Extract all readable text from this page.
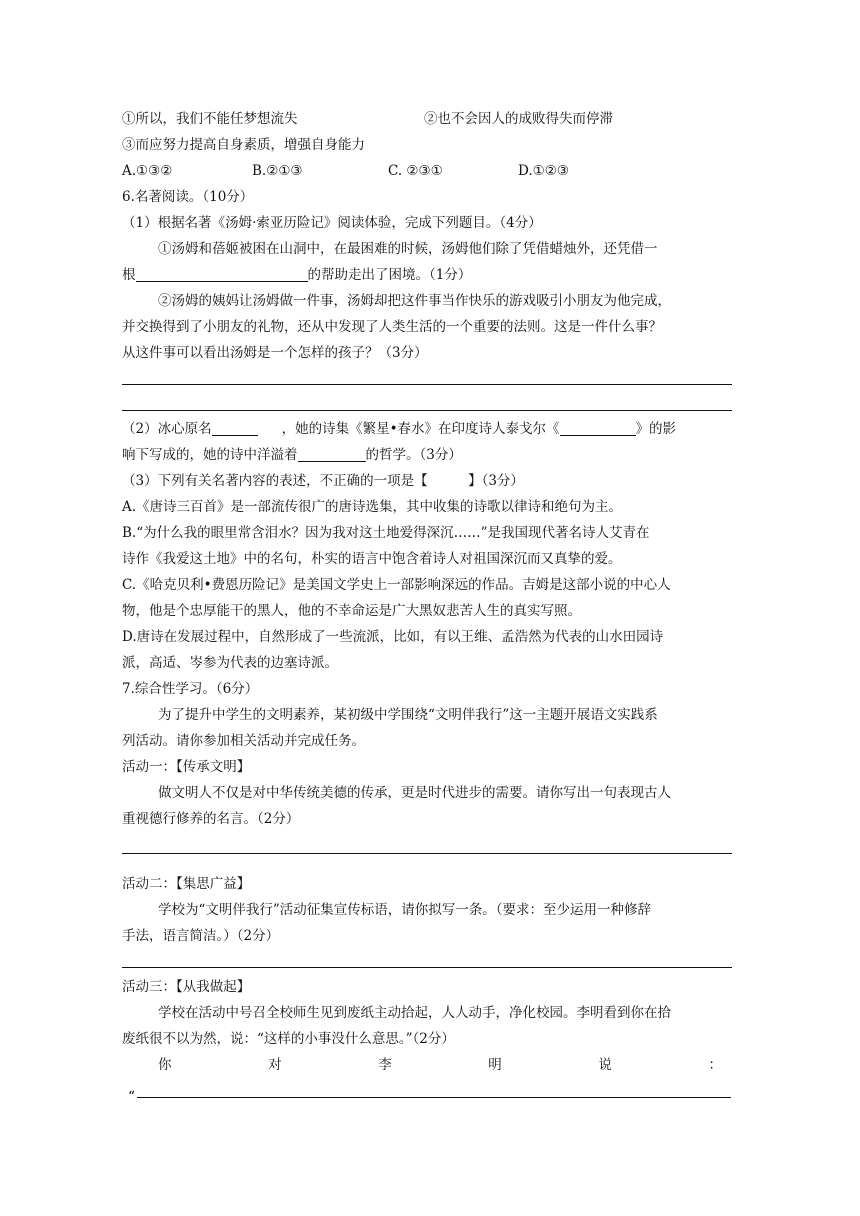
①所以，我们不能任梦想流失	②也不会因人的成败得失而停滞
③而应努力提高自身素质，增强自身能力
A.①③②	B.②①③	C. ②③①	D.①②③
6.名著阅读。（10分）
（1）根据名著《汤姆·索亚历险记》阅读体验，完成下列题目。（4分）
①汤姆和蓓姬被困在山洞中，在最困难的时候，汤姆他们除了凭借蜡烛外，还凭借一
根	的帮助走出了困境。（1分）
②汤姆的姨妈让汤姆做一件事，汤姆却把这件事当作快乐的游戏吸引小朋友为他完成，
并交换得到了小朋友的礼物，还从中发现了人类生活的一个重要的法则。这是一件什么事？
从这件事可以看出汤姆是一个怎样的孩子？（3分）
（2）冰心原名	，她的诗集《繁星•春水》在印度诗人泰戈尔《	》的影
响下写成的，她的诗中洋溢着	的哲学。（3分）
（3）下列有关名著内容的表述，不正确的一项是【　　　】（3分）
A.《唐诗三百首》是一部流传很广的唐诗选集，其中收集的诗歌以律诗和绝句为主。
B.“为什么我的眼里常含泪水？因为我对这土地爱得深沉……”是我国现代著名诗人艾青在
诗作《我爱这土地》中的名句，朴实的语言中饱含着诗人对祖国深沉而又真挚的爱。
C.《哈克贝利•费恩历险记》是美国文学史上一部影响深远的作品。吉姆是这部小说的中心人
物，他是个忠厚能干的黑人，他的不幸命运是广大黑奴悲苦人生的真实写照。
D.唐诗在发展过程中，自然形成了一些流派，比如，有以王维、孟浩然为代表的山水田园诗
派，高适、岑参为代表的边塞诗派。
7.综合性学习。（6分）
为了提升中学生的文明素养，某初级中学围绕“文明伴我行”这一主题开展语文实践系
列活动。请你参加相关活动并完成任务。
活动一：【传承文明】
做文明人不仅是对中华传统美德的传承，更是时代进步的需要。请你写出一句表现古人
重视德行修养的名言。（2分）
活动二：【集思广益】
学校为“文明伴我行”活动征集宣传标语，请你拟写一条。（要求：至少运用一种修辞
手法，语言简洁。）（2分）
活动三：【从我做起】
学校在活动中号召全校师生见到废纸主动拾起，人人动手，净化校园。李明看到你在拾
废纸很不以为然，说：“这样的小事没什么意思。”（2分）
你	对	李	明	说	：
“
